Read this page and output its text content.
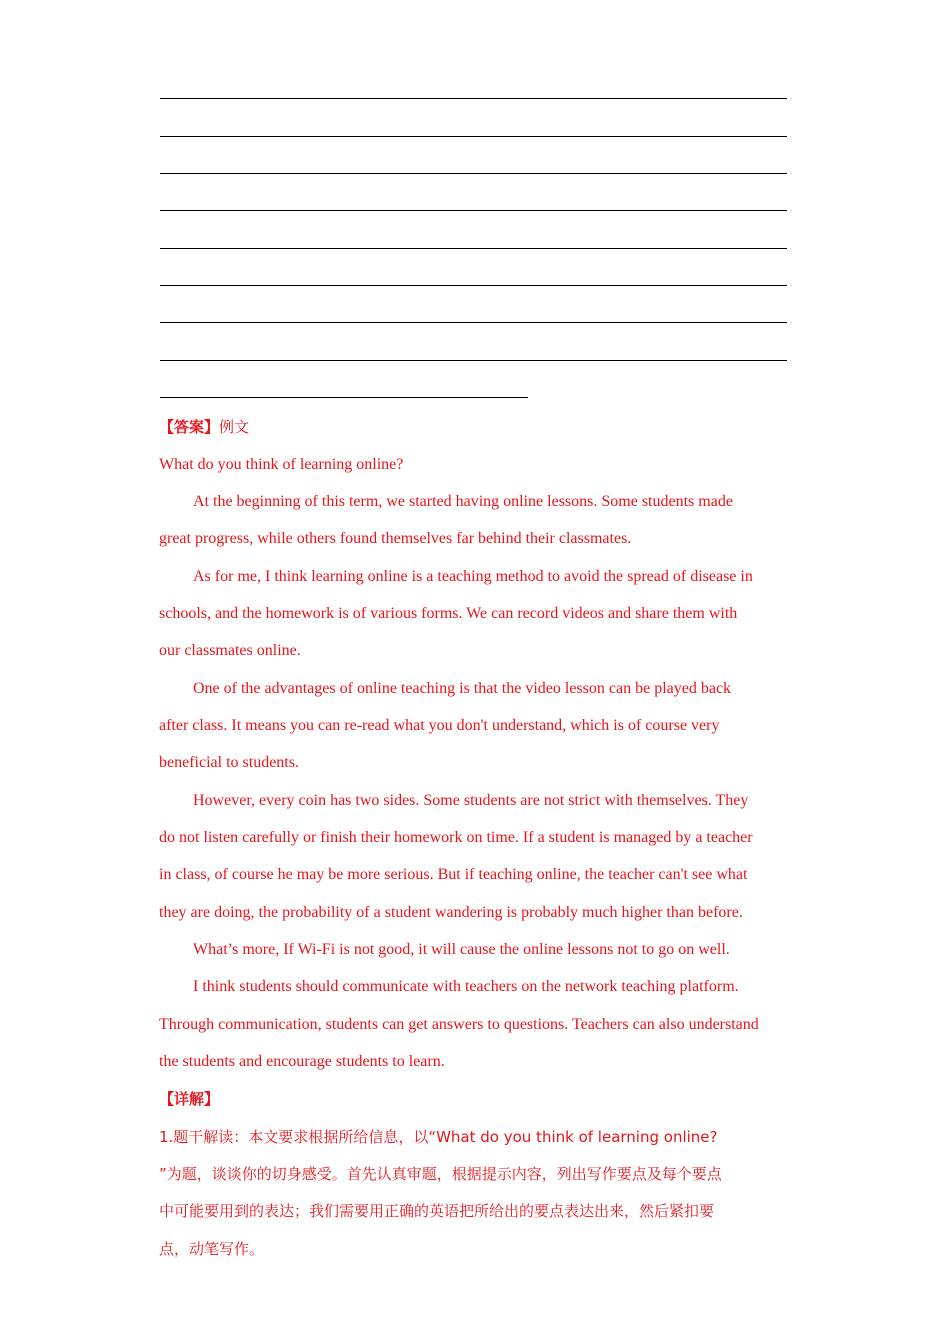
【答案】例文
What do you think of learning online?
At the beginning of this term, we started having online lessons. Some students made
great progress, while others found themselves far behind their classmates.
As for me, I think learning online is a teaching method to avoid the spread of disease in
schools, and the homework is of various forms. We can record videos and share them with
our classmates online.
One of the advantages of online teaching is that the video lesson can be played back
after class. It means you can re-read what you don't understand, which is of course very
beneficial to students.
However, every coin has two sides. Some students are not strict with themselves. They
do not listen carefully or finish their homework on time. If a student is managed by a teacher
in class, of course he may be more serious. But if teaching online, the teacher can't see what
they are doing, the probability of a student wandering is probably much higher than before.
What’s more, If Wi-Fi is not good, it will cause the online lessons not to go on well.
I think students should communicate with teachers on the network teaching platform.
Through communication, students can get answers to questions. Teachers can also understand
the students and encourage students to learn.
【详解】
1.题干解读：本文要求根据所给信息，以“What do you think of learning online?
”为题，谈谈你的切身感受。首先认真审题，根据提示内容，列出写作要点及每个要点
中可能要用到的表达；我们需要用正确的英语把所给出的要点表达出来，然后紧扣要
点，动笔写作。
